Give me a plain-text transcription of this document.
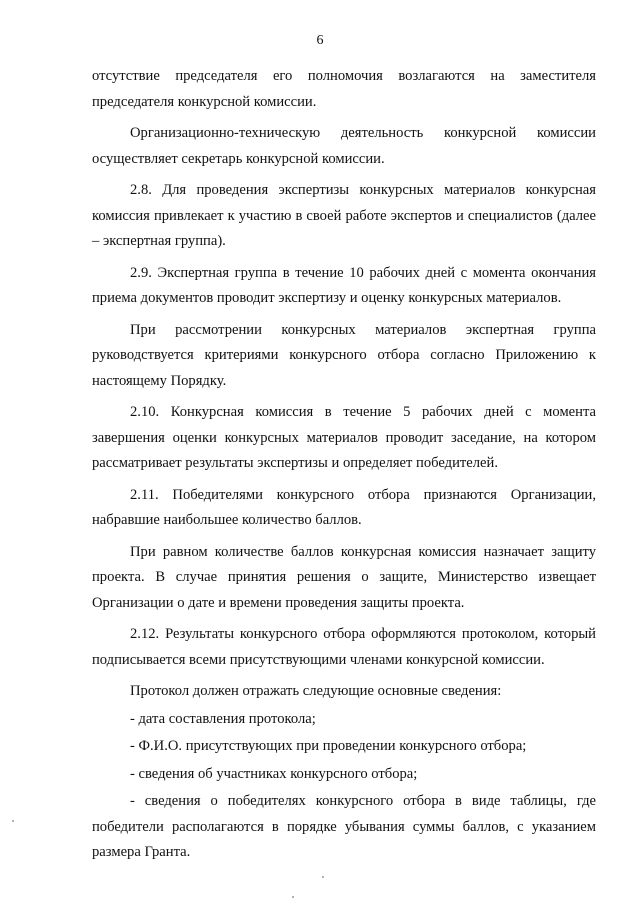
6

отсутствие председателя его полномочия возлагаются на заместителя председателя конкурсной комиссии.

Организационно-техническую деятельность конкурсной комиссии осуществляет секретарь конкурсной комиссии.

2.8. Для проведения экспертизы конкурсных материалов конкурсная комиссия привлекает к участию в своей работе экспертов и специалистов (далее – экспертная группа).

2.9. Экспертная группа в течение 10 рабочих дней с момента окончания приема документов проводит экспертизу и оценку конкурсных материалов.

При рассмотрении конкурсных материалов экспертная группа руководствуется критериями конкурсного отбора согласно Приложению к настоящему Порядку.

2.10. Конкурсная комиссия в течение 5 рабочих дней с момента завершения оценки конкурсных материалов проводит заседание, на котором рассматривает результаты экспертизы и определяет победителей.

2.11. Победителями конкурсного отбора признаются Организации, набравшие наибольшее количество баллов.

При равном количестве баллов конкурсная комиссия назначает защиту проекта. В случае принятия решения о защите, Министерство извещает Организации о дате и времени проведения защиты проекта.

2.12. Результаты конкурсного отбора оформляются протоколом, который подписывается всеми присутствующими членами конкурсной комиссии.

Протокол должен отражать следующие основные сведения:

- дата составления протокола;

- Ф.И.О. присутствующих при проведении конкурсного отбора;

- сведения об участниках конкурсного отбора;

- сведения о победителях конкурсного отбора в виде таблицы, где победители располагаются в порядке убывания суммы баллов, с указанием размера Гранта.
